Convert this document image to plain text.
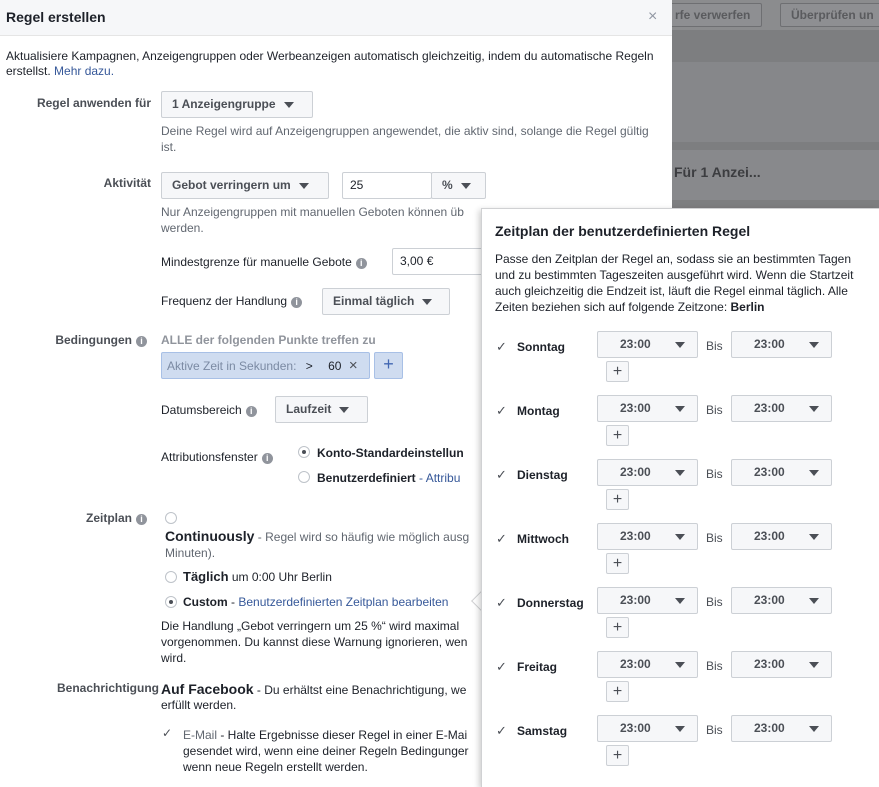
rfe verwerfen	Überprüfen un
Für 1 Anzei...
Regel erstellen	×
Aktualisiere Kampagnen, Anzeigengruppen oder Werbeanzeigen automatisch gleichzeitig, indem du automatische Regeln erstellst. Mehr dazu.
Regel anwenden für	1 Anzeigengruppe
Deine Regel wird auf Anzeigengruppen angewendet, die aktiv sind, solange die Regel gültig ist.
Aktivität	Gebot verringern um	25	%
Nur Anzeigengruppen mit manuellen Geboten können üb
werden.
Mindestgrenze für manuelle Gebote i	3,00 €
Frequenz der Handlung i	Einmal täglich
Bedingungen i	ALLE der folgenden Punkte treffen zu
Aktive Zeit in Sekunden: > 60 ×	+
Datumsbereich i	Laufzeit
Attributionsfenster i	Konto-Standardeinstellun
Benutzerdefiniert - Attribu
Zeitplan i
Continuously - Regel wird so häufig wie möglich ausg
Minuten).
Täglich um 0:00 Uhr Berlin
Custom - Benutzerdefinierten Zeitplan bearbeiten
Die Handlung „Gebot verringern um 25 %“ wird maximal vorgenommen. Du kannst diese Warnung ignorieren, wen wird.
Benachrichtigung Auf Facebook - Du erhältst eine Benachrichtigung, we
erfüllt werden.
✓ E-Mail - Halte Ergebnisse dieser Regel in einer E-Mai gesendet wird, wenn eine deiner Regeln Bedingunger wenn neue Regeln erstellt werden.
Zeitplan der benutzerdefinierten Regel
Passe den Zeitplan der Regel an, sodass sie an bestimmten Tagen und zu bestimmten Tageszeiten ausgeführt wird. Wenn die Startzeit auch gleichzeitig die Endzeit ist, läuft die Regel einmal täglich. Alle Zeiten beziehen sich auf folgende Zeitzone: Berlin
✓ Sonntag	23:00	Bis	23:00
+
✓ Montag	23:00	Bis	23:00
+
✓ Dienstag	23:00	Bis	23:00
+
✓ Mittwoch	23:00	Bis	23:00
+
✓ Donnerstag	23:00	Bis	23:00
+
✓ Freitag	23:00	Bis	23:00
+
✓ Samstag	23:00	Bis	23:00
+
